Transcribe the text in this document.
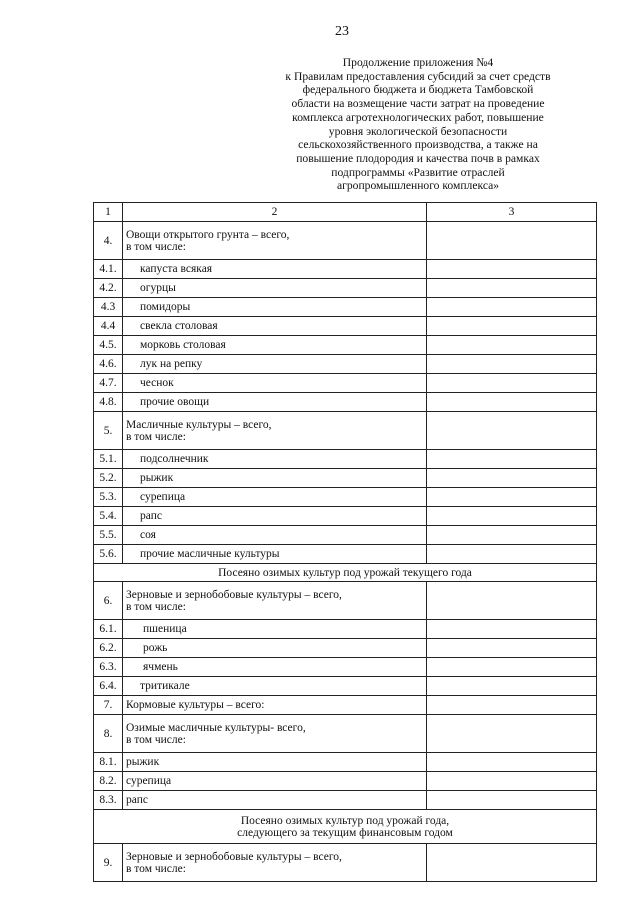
23
Продолжение приложения №4
к Правилам предоставления субсидий за счет средств
федерального бюджета и бюджета Тамбовской
области на возмещение части затрат на проведение
комплекса агротехнологических работ, повышение
уровня экологической безопасности
сельскохозяйственного производства, а также на
повышение плодородия и качества почв в рамках
подпрограммы «Развитие отраслей
агропромышленного комплекса»
1	2	3
4.	Овощи открытого грунта – всего,
в том числе:	

4.1.	капуста всякая	

4.2.	огурцы	

4.3	помидоры	

4.4	свекла столовая	

4.5.	морковь столовая	

4.6.	лук на репку	

4.7.	чеснок	

4.8.	прочие овощи	

5.	Масличные культуры – всего,
в том числе:	

5.1.	подсолнечник	

5.2.	рыжик	

5.3.	сурепица	

5.4.	рапс	

5.5.	соя	

5.6.	прочие масличные культуры	

Посеяно озимых культур под урожай текущего года		

6.	Зерновые и зернобобовые культуры – всего,
в том числе:	

6.1.	пшеница	

6.2.	рожь	

6.3.	ячмень	

6.4.	тритикале	

7.	Кормовые культуры – всего:	

8.	Озимые масличные культуры- всего,
в том числе:	

8.1.	рыжик	

8.2.	сурепица	

8.3.	рапс	

Посеяно озимых культур под урожай года,
следующего за текущим финансовым годом		

9.	Зерновые и зернобобовые культуры – всего,
в том числе:	
